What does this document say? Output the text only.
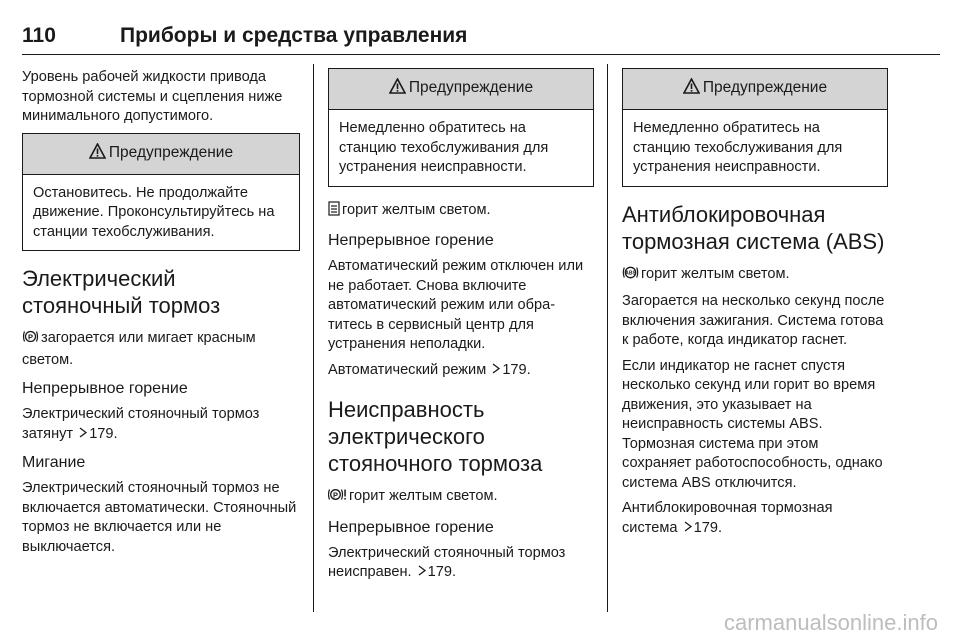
110	Приборы и средства управления

Уровень рабочей жидкости привода тормозной системы и сцепления ниже минимального допустимого.

Предупреждение
Остановитесь. Не продолжайте движение. Проконсультируйтесь на станции техобслуживания.
Электрический стояночный тормоз

P загорается или мигает красным светом.

Непрерывное горение

Электрический стояночный тормоз затянут 179.

Мигание

Электрический стояночный тормоз не включается автоматически. Стояночный тормоз не включается или не выключается.

Предупреждение
Немедленно обратитесь на станцию техобслуживания для устранения неисправности.

горит желтым светом.

Непрерывное горение

Автоматический режим отключен или не работает. Снова включите автоматический режим или обратитесь в сервисный центр для устранения неполадки.

Автоматический режим 179.

Неисправность электрического стояночного тормоза

P горит желтым светом.

Непрерывное горение

Электрический стояночный тормоз неисправен. 179.

Предупреждение
Немедленно обратитесь на станцию техобслуживания для устранения неисправности.
Антиблокировочная тормозная система (ABS)

ABS горит желтым светом.

Загорается на несколько секунд после включения зажигания. Система готова к работе, когда индикатор гаснет.

Если индикатор не гаснет спустя несколько секунд или горит во время движения, это указывает на неисправность системы ABS. Тормозная система при этом сохраняет работоспособность, однако система ABS отключится.

Антиблокировочная тормозная система 179.

carmanualsonline.info
